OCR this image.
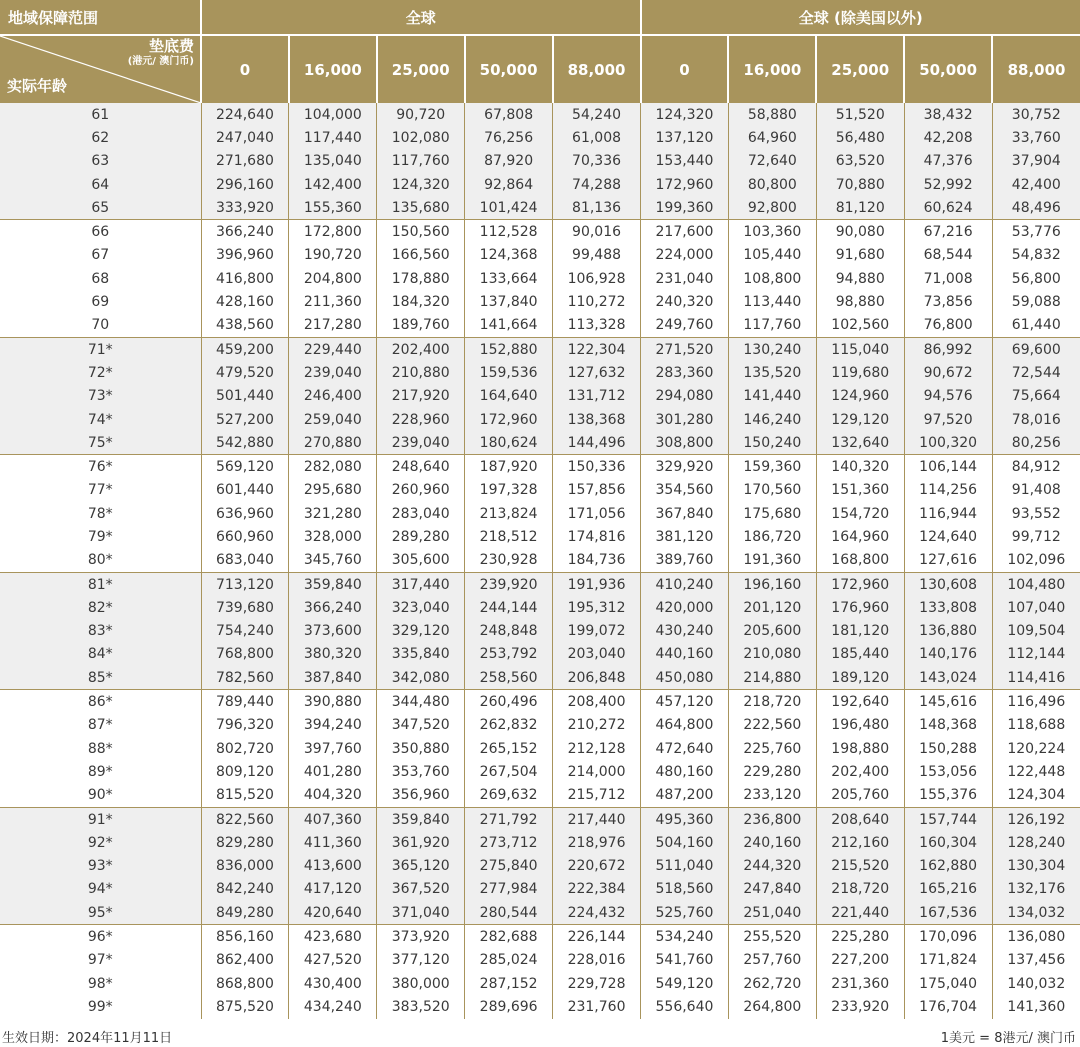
地域保障范围	全球					全球 (除美国以外)				

垫底费
(港元/ 澳门币)
实际年龄	0	16,000	25,000	50,000	88,000	0	16,000	25,000	50,000	88,000
61	224,640	104,000	90,720	67,808	54,240	124,320	58,880	51,520	38,432	30,752
62	247,040	117,440	102,080	76,256	61,008	137,120	64,960	56,480	42,208	33,760
63	271,680	135,040	117,760	87,920	70,336	153,440	72,640	63,520	47,376	37,904
64	296,160	142,400	124,320	92,864	74,288	172,960	80,800	70,880	52,992	42,400
65	333,920	155,360	135,680	101,424	81,136	199,360	92,800	81,120	60,624	48,496
66	366,240	172,800	150,560	112,528	90,016	217,600	103,360	90,080	67,216	53,776
67	396,960	190,720	166,560	124,368	99,488	224,000	105,440	91,680	68,544	54,832
68	416,800	204,800	178,880	133,664	106,928	231,040	108,800	94,880	71,008	56,800
69	428,160	211,360	184,320	137,840	110,272	240,320	113,440	98,880	73,856	59,088
70	438,560	217,280	189,760	141,664	113,328	249,760	117,760	102,560	76,800	61,440
71*	459,200	229,440	202,400	152,880	122,304	271,520	130,240	115,040	86,992	69,600
72*	479,520	239,040	210,880	159,536	127,632	283,360	135,520	119,680	90,672	72,544
73*	501,440	246,400	217,920	164,640	131,712	294,080	141,440	124,960	94,576	75,664
74*	527,200	259,040	228,960	172,960	138,368	301,280	146,240	129,120	97,520	78,016
75*	542,880	270,880	239,040	180,624	144,496	308,800	150,240	132,640	100,320	80,256
76*	569,120	282,080	248,640	187,920	150,336	329,920	159,360	140,320	106,144	84,912
77*	601,440	295,680	260,960	197,328	157,856	354,560	170,560	151,360	114,256	91,408
78*	636,960	321,280	283,040	213,824	171,056	367,840	175,680	154,720	116,944	93,552
79*	660,960	328,000	289,280	218,512	174,816	381,120	186,720	164,960	124,640	99,712
80*	683,040	345,760	305,600	230,928	184,736	389,760	191,360	168,800	127,616	102,096
81*	713,120	359,840	317,440	239,920	191,936	410,240	196,160	172,960	130,608	104,480
82*	739,680	366,240	323,040	244,144	195,312	420,000	201,120	176,960	133,808	107,040
83*	754,240	373,600	329,120	248,848	199,072	430,240	205,600	181,120	136,880	109,504
84*	768,800	380,320	335,840	253,792	203,040	440,160	210,080	185,440	140,176	112,144
85*	782,560	387,840	342,080	258,560	206,848	450,080	214,880	189,120	143,024	114,416
86*	789,440	390,880	344,480	260,496	208,400	457,120	218,720	192,640	145,616	116,496
87*	796,320	394,240	347,520	262,832	210,272	464,800	222,560	196,480	148,368	118,688
88*	802,720	397,760	350,880	265,152	212,128	472,640	225,760	198,880	150,288	120,224
89*	809,120	401,280	353,760	267,504	214,000	480,160	229,280	202,400	153,056	122,448
90*	815,520	404,320	356,960	269,632	215,712	487,200	233,120	205,760	155,376	124,304
91*	822,560	407,360	359,840	271,792	217,440	495,360	236,800	208,640	157,744	126,192
92*	829,280	411,360	361,920	273,712	218,976	504,160	240,160	212,160	160,304	128,240
93*	836,000	413,600	365,120	275,840	220,672	511,040	244,320	215,520	162,880	130,304
94*	842,240	417,120	367,520	277,984	222,384	518,560	247,840	218,720	165,216	132,176
95*	849,280	420,640	371,040	280,544	224,432	525,760	251,040	221,440	167,536	134,032
96*	856,160	423,680	373,920	282,688	226,144	534,240	255,520	225,280	170,096	136,080
97*	862,400	427,520	377,120	285,024	228,016	541,760	257,760	227,200	171,824	137,456
98*	868,800	430,400	380,000	287,152	229,728	549,120	262,720	231,360	175,040	140,032
99*	875,520	434,240	383,520	289,696	231,760	556,640	264,800	233,920	176,704	141,360
生效日期：2024年11月11日	1美元 = 8港元/ 澳门币
